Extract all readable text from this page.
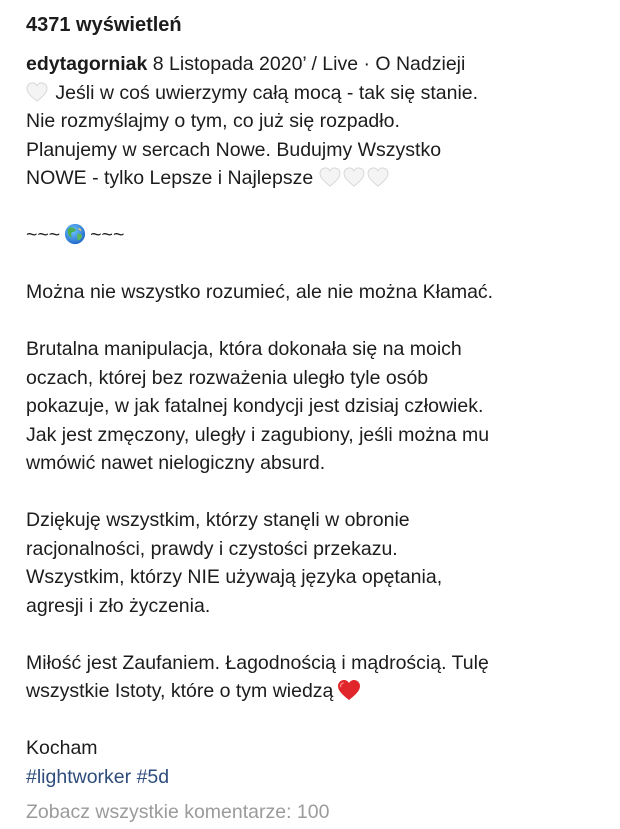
4371 wyświetleń
edytagorniak 8 Listopada 2020’ / Live · O Nadzieji
Jeśli w coś uwierzymy całą mocą - tak się stanie.
Nie rozmyślajmy o tym, co już się rozpadło.
Planujemy w sercach Nowe. Budujmy Wszystko
NOWE - tylko Lepsze i Najlepsze
~~~ ~~~
Można nie wszystko rozumieć, ale nie można Kłamać.
Brutalna manipulacja, która dokonała się na moich
oczach, której bez rozważenia uległo tyle osób
pokazuje, w jak fatalnej kondycji jest dzisiaj człowiek.
Jak jest zmęczony, uległy i zagubiony, jeśli można mu
wmówić nawet nielogiczny absurd.
Dziękuję wszystkim, którzy stanęli w obronie
racjonalności, prawdy i czystości przekazu.
Wszystkim, którzy NIE używają języka opętania,
agresji i zło życzenia.
Miłość jest Zaufaniem. Łagodnością i mądrością. Tulę
wszystkie Istoty, które o tym wiedzą
Kocham
#lightworker #5d
Zobacz wszystkie komentarze: 100
